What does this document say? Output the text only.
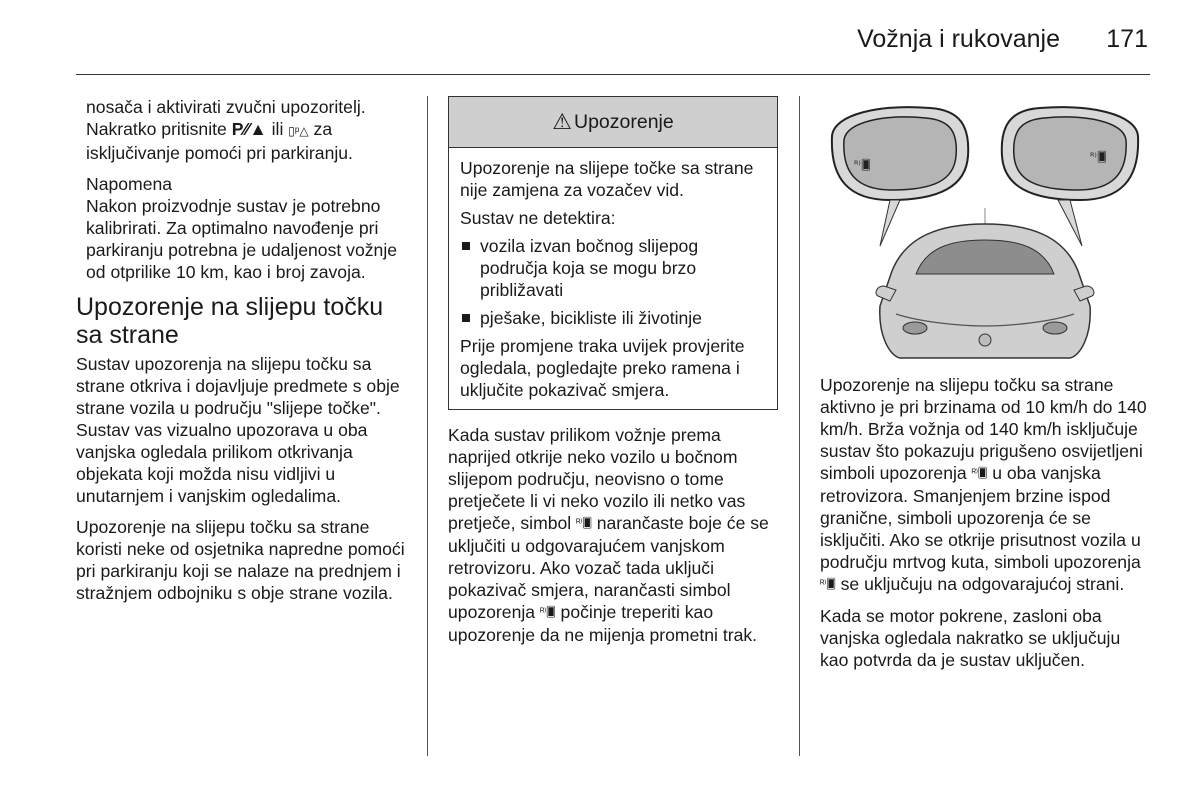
Vožnja i rukovanje 171

nosača i aktivirati zvučni upozoritelj. Nakratko pritisnite P⁄⁄▲ ili ▯ᵖ△ za isključivanje pomoći pri parkiranju.

Napomena
Nakon proizvodnje sustav je potrebno kalibrirati. Za optimalno navođenje pri parkiranju potrebna je udaljenost vožnje od otprilike 10 km, kao i broj zavoja.
Upozorenje na slijepu točku sa strane

Sustav upozorenja na slijepu točku sa strane otkriva i dojavljuje predmete s obje strane vozila u području "slijepe točke". Sustav vas vizualno upozorava u oba vanjska ogledala prilikom otkrivanja objekata koji možda nisu vidljivi u unutarnjem i vanjskim ogledalima.

Upozorenje na slijepu točku sa strane koristi neke od osjetnika napredne pomoći pri parkiranju koji se nalaze na prednjem i stražnjem odbojniku s obje strane vozila.

⚠ Upozorenje

Upozorenje na slijepe točke sa strane nije zamjena za vozačev vid.

Sustav ne detektira:

vozila izvan bočnog slijepog područja koja se mogu brzo približavati
pješake, bicikliste ili životinje

Prije promjene traka uvijek provjerite ogledala, pogledajte preko ramena i uključite pokazivač smjera.

Kada sustav prilikom vožnje prema naprijed otkrije neko vozilo u bočnom slijepom području, neovisno o tome pretječete li vi neko vozilo ili netko vas pretječe, simbol ᴿ⁾🂠 narančaste boje će se uključiti u odgovarajućem vanjskom retrovizoru. Ako vozač tada uključi pokazivač smjera, narančasti simbol upozorenja ᴿ⁾🂠 počinje treperiti kao upozorenje da ne mijenja prometni trak.

ᴿ⁾🂠
ᴿ⁾🂠

Upozorenje na slijepu točku sa strane aktivno je pri brzinama od 10 km/h do 140 km/h. Brža vožnja od 140 km/h isključuje sustav što pokazuju prigušeno osvijetljeni simboli upozorenja ᴿ⁾🂠 u oba vanjska retrovizora. Smanjenjem brzine ispod granične, simboli upozorenja će se isključiti. Ako se otkrije prisutnost vozila u području mrtvog kuta, simboli upozorenja ᴿ⁾🂠 se uključuju na odgovarajućoj strani.

Kada se motor pokrene, zasloni oba vanjska ogledala nakratko se uključuju kao potvrda da je sustav uključen.
